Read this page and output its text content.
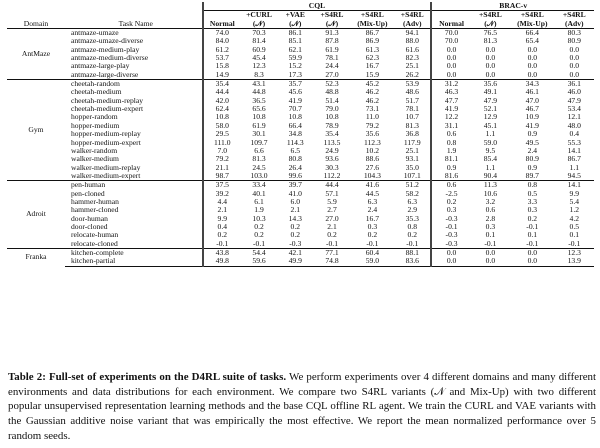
		CQL						BRAC-v			
			+CURL	+VAE	+S4RL	+S4RL	+S4RL		+S4RL	+S4RL	+S4RL
Domain	Task Name	Normal	(𝒩)	(𝒩)	(𝒩)	(Mix-Up)	(Adv)	Normal	(𝒩)	(Mix-Up)	(Adv)
AntMaze	antmaze-umaze	74.0	70.3	86.1	91.3	86.7	94.1	70.0	76.5	66.4	80.3
	antmaze-umaze-diverse	84.0	81.4	85.1	87.8	86.9	88.0	70.0	81.3	65.4	80.9
	antmaze-medium-play	61.2	60.9	62.1	61.9	61.3	61.6	0.0	0.0	0.0	0.0
	antmaze-medium-diverse	53.7	45.4	59.9	78.1	62.3	82.3	0.0	0.0	0.0	0.0
	antmaze-large-play	15.8	12.3	15.2	24.4	16.7	25.1	0.0	0.0	0.0	0.0
	antmaze-large-diverse	14.9	8.3	17.3	27.0	15.9	26.2	0.0	0.0	0.0	0.0
Gym	cheetah-random	35.4	43.1	35.7	52.3	45.2	53.9	31.2	35.6	34.3	36.1
	cheetah-medium	44.4	44.8	45.6	48.8	46.2	48.6	46.3	49.1	46.1	46.0
	cheetah-medium-replay	42.0	36.5	41.9	51.4	46.2	51.7	47.7	47.9	47.0	47.9
	cheetah-medium-expert	62.4	65.6	70.7	79.0	73.1	78.1	41.9	52.1	46.7	53.4
	hopper-random	10.8	10.8	10.8	10.8	11.0	10.7	12.2	12.9	10.9	12.1
	hopper-medium	58.0	61.9	66.4	78.9	79.2	81.3	31.1	45.1	41.9	48.0
	hopper-medium-replay	29.5	30.1	34.8	35.4	35.6	36.8	0.6	1.1	0.9	0.4
	hopper-medium-expert	111.0	109.7	114.3	113.5	112.3	117.9	0.8	59.0	49.5	55.3
	walker-random	7.0	6.6	6.5	24.9	10.2	25.1	1.9	9.5	2.4	14.1
	walker-medium	79.2	81.3	80.8	93.6	88.6	93.1	81.1	85.4	80.9	86.7
	walker-medium-replay	21.1	24.5	26.4	30.3	27.6	35.0	0.9	1.1	0.9	1.1
	walker-medium-expert	98.7	103.0	99.6	112.2	104.3	107.1	81.6	90.4	89.7	94.5
Adroit	pen-human	37.5	33.4	39.7	44.4	41.6	51.2	0.6	11.3	0.8	14.1
	pen-cloned	39.2	40.1	41.0	57.1	44.5	58.2	-2.5	10.6	0.5	9.9
	hammer-human	4.4	6.1	6.0	5.9	6.3	6.3	0.2	3.2	3.3	5.4
	hammer-cloned	2.1	1.9	2.1	2.7	2.4	2.9	0.3	0.6	0.3	1.2
	door-human	9.9	10.3	14.3	27.0	16.7	35.3	-0.3	2.8	0.2	4.2
	door-cloned	0.4	0.2	0.2	2.1	0.3	0.8	-0.1	0.3	-0.1	0.5
	relocate-human	0.2	0.2	0.2	0.2	0.2	0.2	-0.3	0.1	0.1	0.1
	relocate-cloned	-0.1	-0.1	-0.3	-0.1	-0.1	-0.1	-0.3	-0.1	-0.1	-0.1
Franka	kitchen-complete	43.8	54.4	42.1	77.1	60.4	88.1	0.0	0.0	0.0	12.3
	kitchen-partial	49.8	59.6	49.9	74.8	59.0	83.6	0.0	0.0	0.0	13.9
Table 2: Full-set of experiments on the D4RL suite of tasks. We perform experiments over 4 different domains and many different environments and data distributions for each environment. We compare two S4RL variants (𝒩 and Mix-Up) with two different popular unsupervised representation learning methods and the base CQL offline RL agent. We train the CURL and VAE variants with the Gaussian additive noise variant that was empirically the most effective. We report the mean normalized performance over 5 random seeds.
